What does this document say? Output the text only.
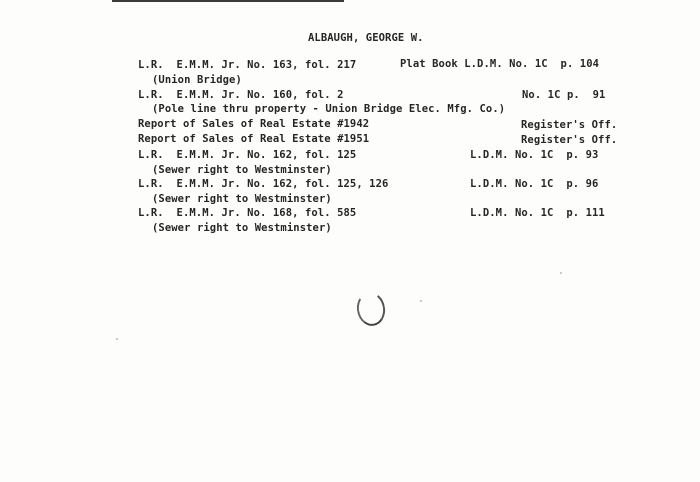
ALBAUGH, GEORGE W.
L.R.  E.M.M. Jr. No. 163, fol. 217	Plat Book L.D.M. No. 1C  p. 104
(Union Bridge)
L.R.  E.M.M. Jr. No. 160, fol. 2	No. 1C p.  91
(Pole line thru property - Union Bridge Elec. Mfg. Co.)
Report of Sales of Real Estate #1942	Register's Off.
Report of Sales of Real Estate #1951	Register's Off.
L.R.  E.M.M. Jr. No. 162, fol. 125	L.D.M. No. 1C  p. 93
(Sewer right to Westminster)
L.R.  E.M.M. Jr. No. 162, fol. 125, 126	L.D.M. No. 1C  p. 96
(Sewer right to Westminster)
L.R.  E.M.M. Jr. No. 168, fol. 585	L.D.M. No. 1C  p. 111
(Sewer right to Westminster)
